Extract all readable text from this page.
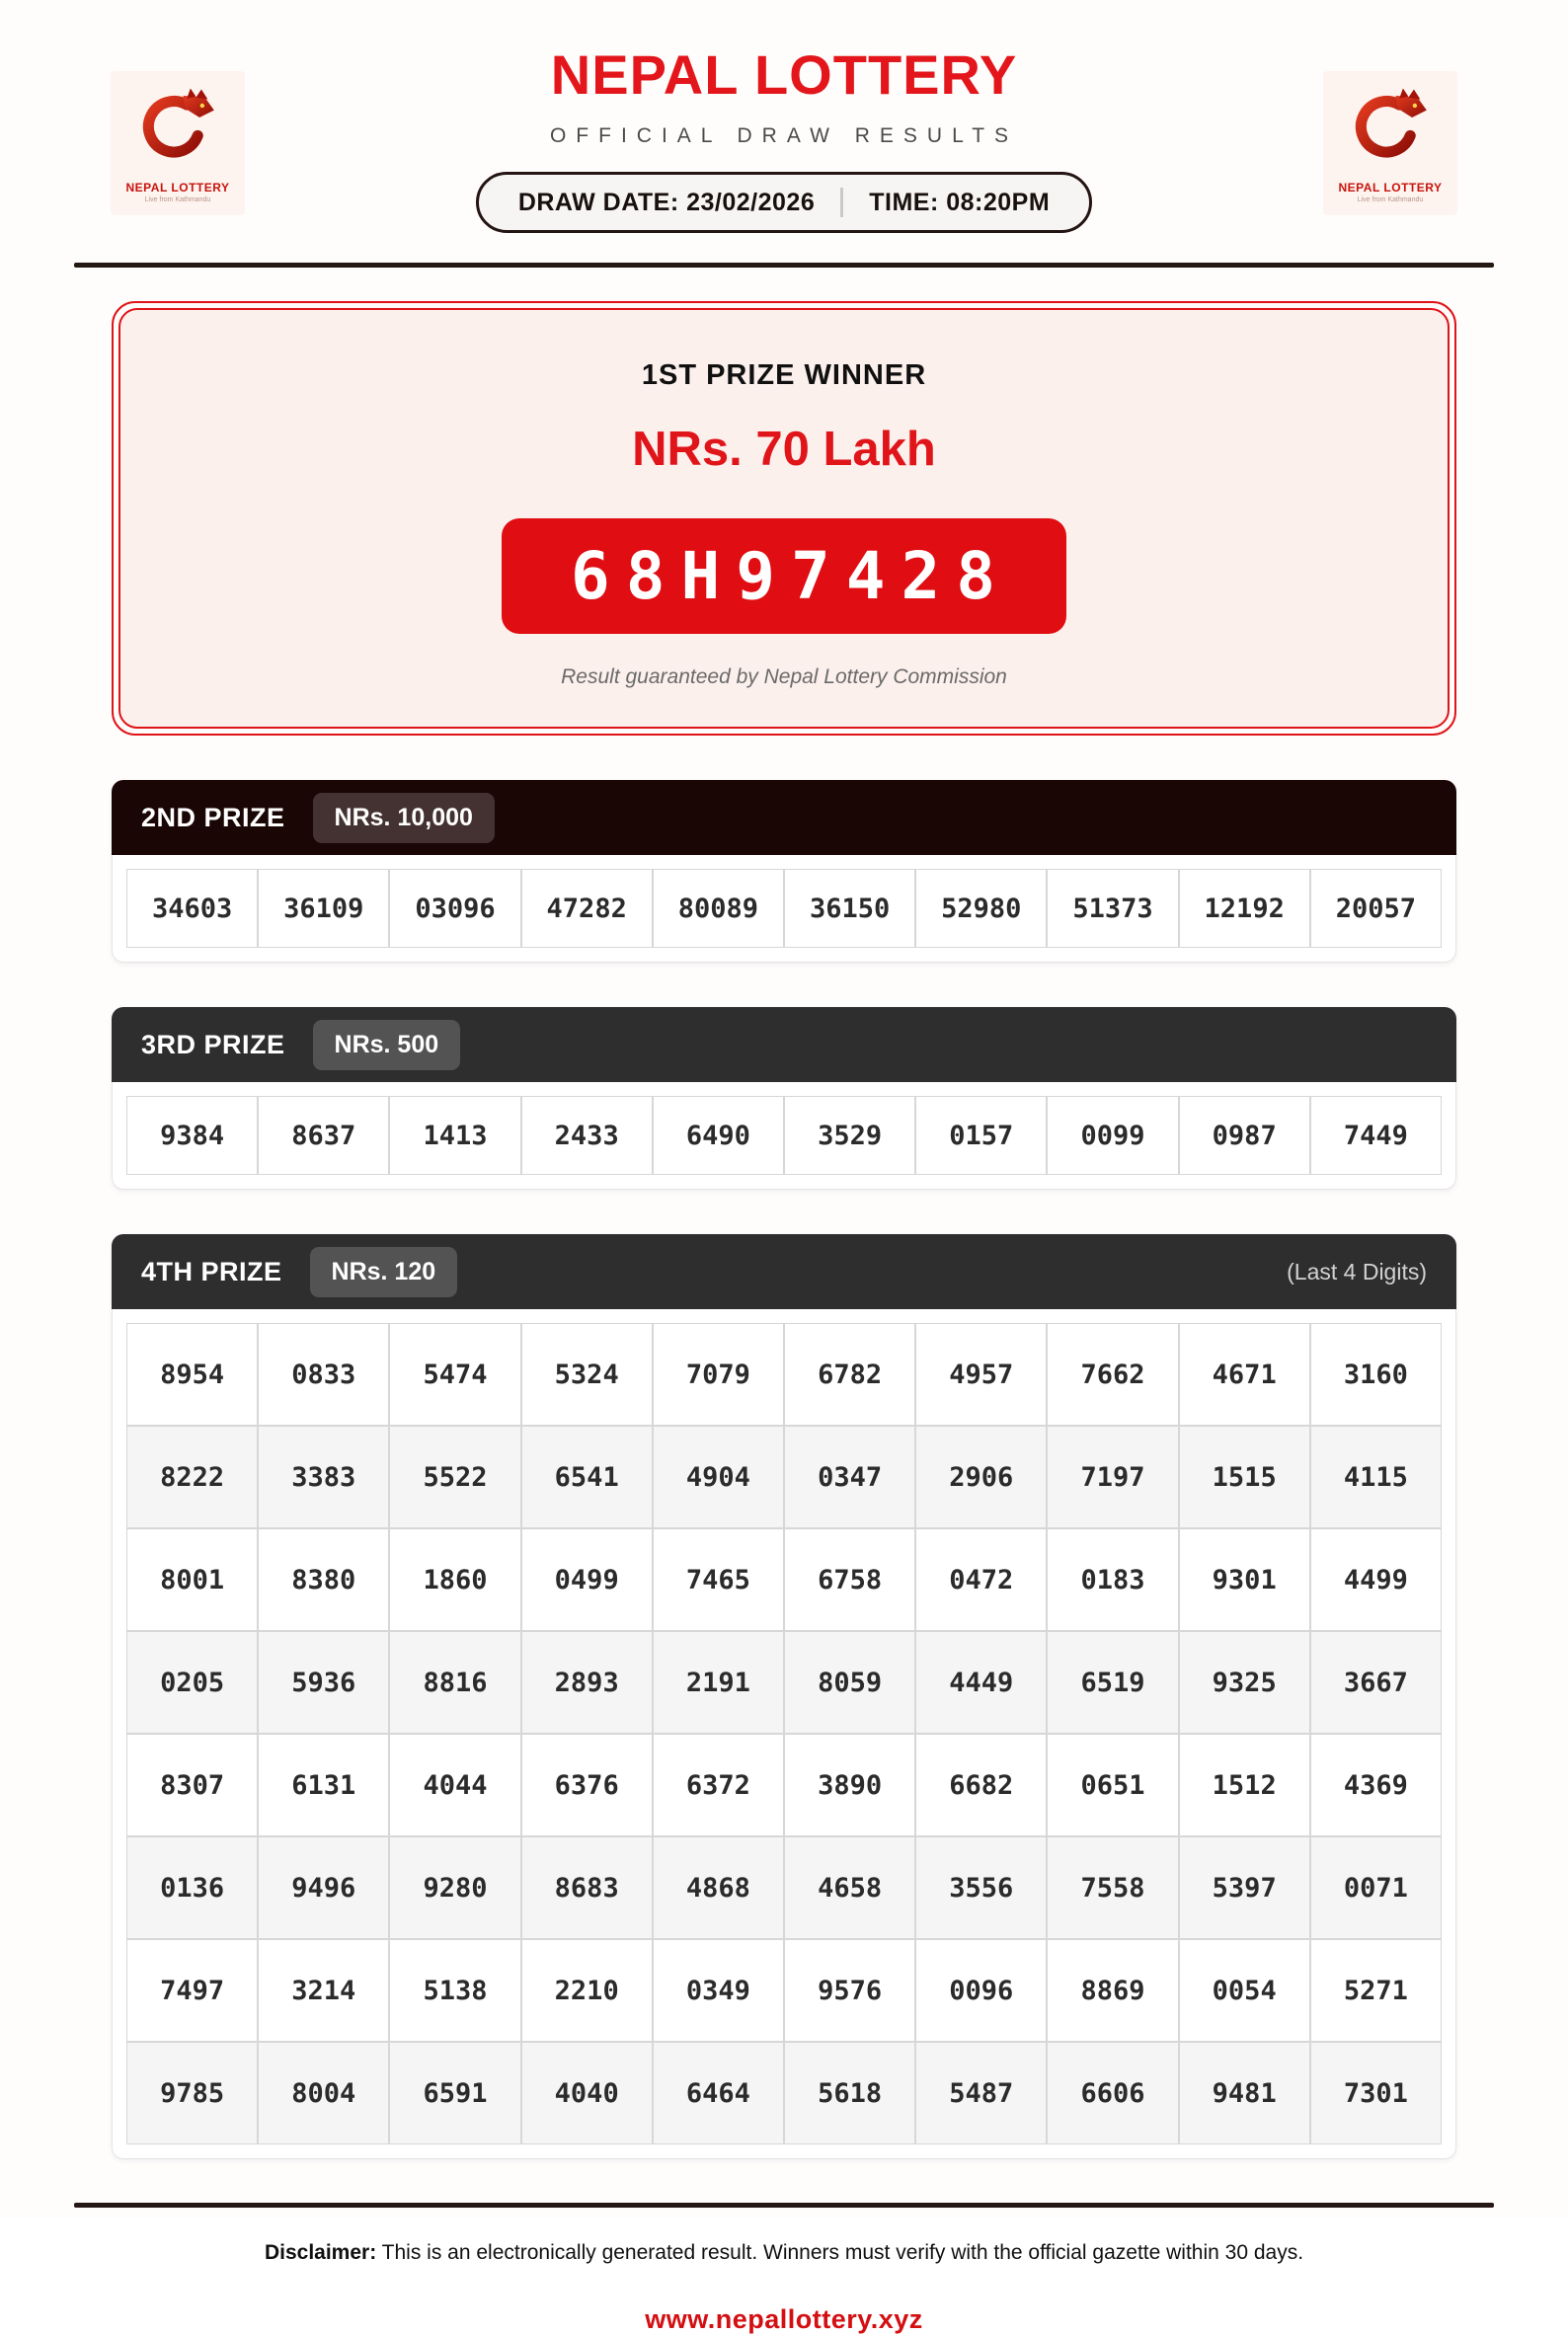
NEPAL LOTTERY
Live from Kathmandu
NEPAL LOTTERY
Live from Kathmandu
NEPAL LOTTERY
OFFICIAL DRAW RESULTS
DRAW DATE: 23/02/2026 TIME: 08:20PM
1ST PRIZE WINNER
NRs. 70 Lakh
68H97428
Result guaranteed by Nepal Lottery Commission
2ND PRIZE	NRs. 10,000
34603	36109	03096	47282	80089	36150	52980	51373	12192	20057
3RD PRIZE	NRs. 500
9384	8637	1413	2433	6490	3529	0157	0099	0987	7449
4TH PRIZE	NRs. 120	(Last 4 Digits)
8954	0833	5474	5324	7079	6782	4957	7662	4671	3160
8222	3383	5522	6541	4904	0347	2906	7197	1515	4115
8001	8380	1860	0499	7465	6758	0472	0183	9301	4499
0205	5936	8816	2893	2191	8059	4449	6519	9325	3667
8307	6131	4044	6376	6372	3890	6682	0651	1512	4369
0136	9496	9280	8683	4868	4658	3556	7558	5397	0071
7497	3214	5138	2210	0349	9576	0096	8869	0054	5271
9785	8004	6591	4040	6464	5618	5487	6606	9481	7301
Disclaimer: This is an electronically generated result. Winners must verify with the official gazette within 30 days.
www.nepallottery.xyz
